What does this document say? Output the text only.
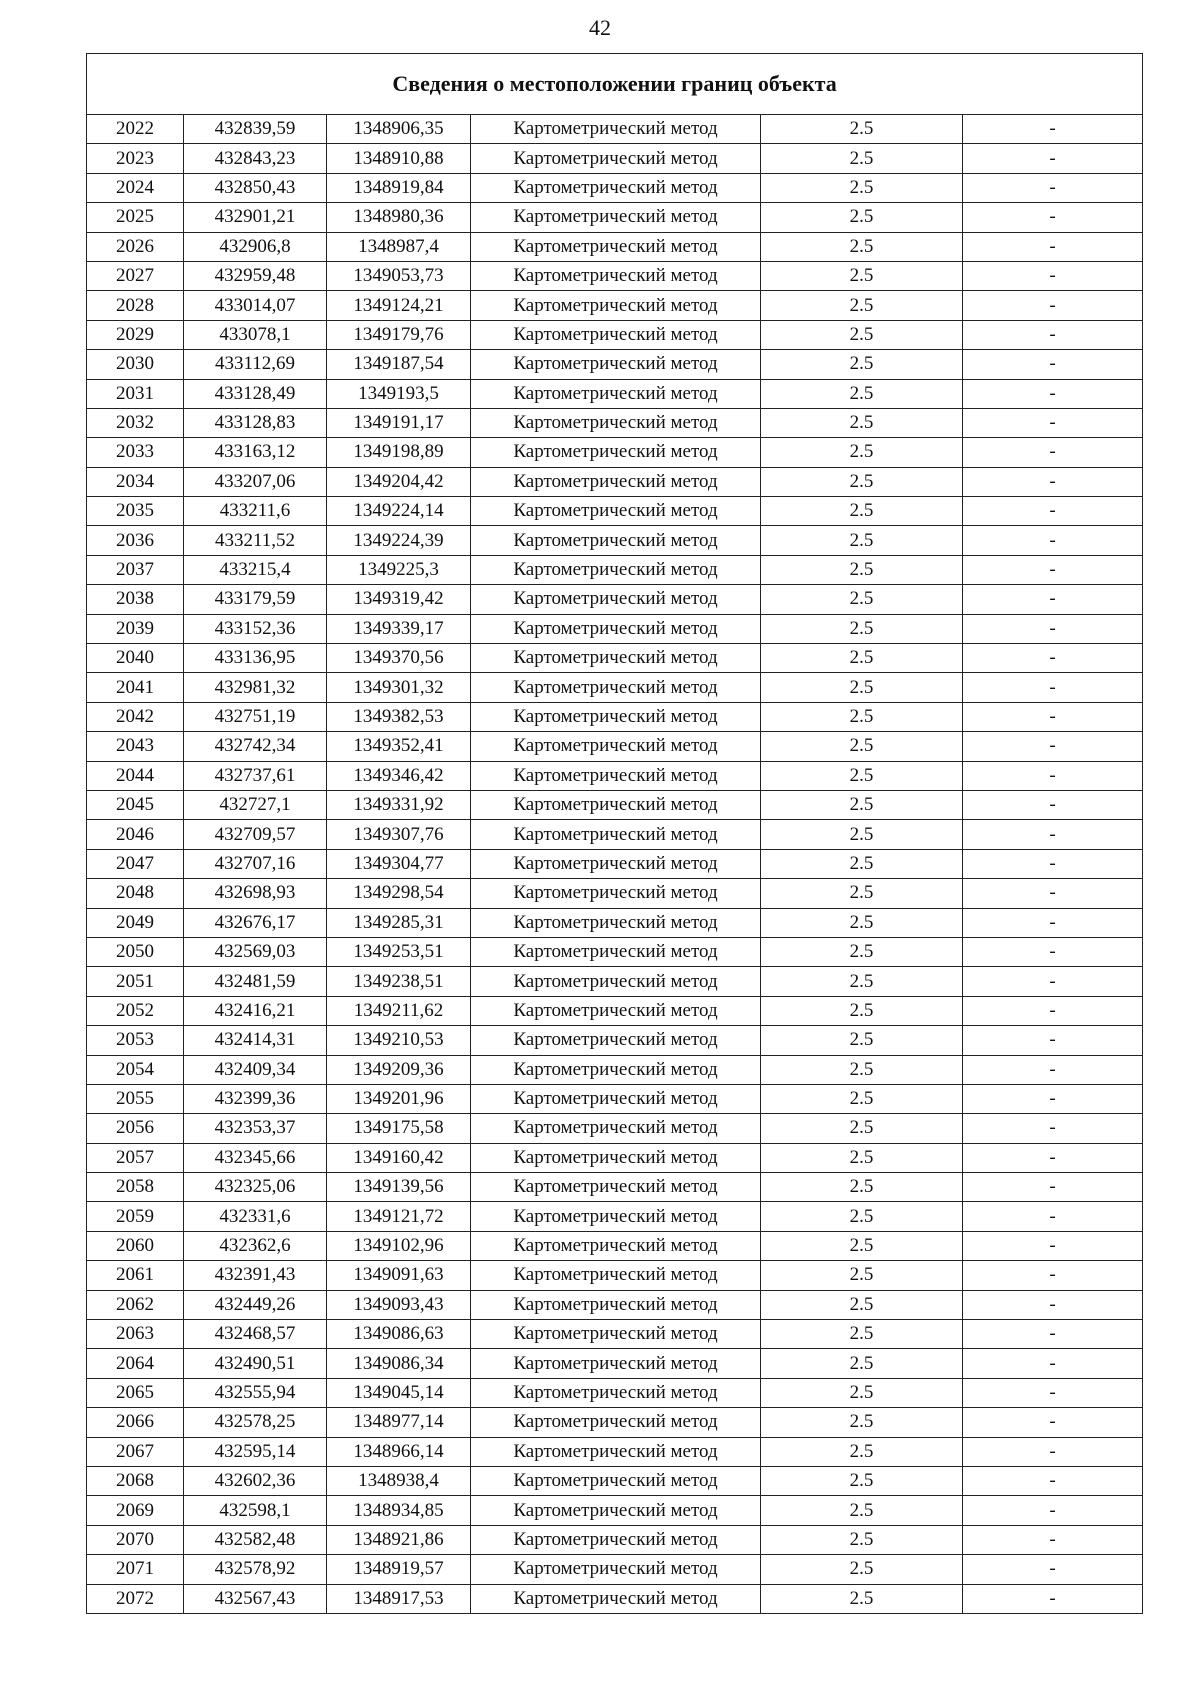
42
Сведения о местоположении границ объекта					
2022	432839,59	1348906,35	Картометрический метод	2.5	-
2023	432843,23	1348910,88	Картометрический метод	2.5	-
2024	432850,43	1348919,84	Картометрический метод	2.5	-
2025	432901,21	1348980,36	Картометрический метод	2.5	-
2026	432906,8	1348987,4	Картометрический метод	2.5	-
2027	432959,48	1349053,73	Картометрический метод	2.5	-
2028	433014,07	1349124,21	Картометрический метод	2.5	-
2029	433078,1	1349179,76	Картометрический метод	2.5	-
2030	433112,69	1349187,54	Картометрический метод	2.5	-
2031	433128,49	1349193,5	Картометрический метод	2.5	-
2032	433128,83	1349191,17	Картометрический метод	2.5	-
2033	433163,12	1349198,89	Картометрический метод	2.5	-
2034	433207,06	1349204,42	Картометрический метод	2.5	-
2035	433211,6	1349224,14	Картометрический метод	2.5	-
2036	433211,52	1349224,39	Картометрический метод	2.5	-
2037	433215,4	1349225,3	Картометрический метод	2.5	-
2038	433179,59	1349319,42	Картометрический метод	2.5	-
2039	433152,36	1349339,17	Картометрический метод	2.5	-
2040	433136,95	1349370,56	Картометрический метод	2.5	-
2041	432981,32	1349301,32	Картометрический метод	2.5	-
2042	432751,19	1349382,53	Картометрический метод	2.5	-
2043	432742,34	1349352,41	Картометрический метод	2.5	-
2044	432737,61	1349346,42	Картометрический метод	2.5	-
2045	432727,1	1349331,92	Картометрический метод	2.5	-
2046	432709,57	1349307,76	Картометрический метод	2.5	-
2047	432707,16	1349304,77	Картометрический метод	2.5	-
2048	432698,93	1349298,54	Картометрический метод	2.5	-
2049	432676,17	1349285,31	Картометрический метод	2.5	-
2050	432569,03	1349253,51	Картометрический метод	2.5	-
2051	432481,59	1349238,51	Картометрический метод	2.5	-
2052	432416,21	1349211,62	Картометрический метод	2.5	-
2053	432414,31	1349210,53	Картометрический метод	2.5	-
2054	432409,34	1349209,36	Картометрический метод	2.5	-
2055	432399,36	1349201,96	Картометрический метод	2.5	-
2056	432353,37	1349175,58	Картометрический метод	2.5	-
2057	432345,66	1349160,42	Картометрический метод	2.5	-
2058	432325,06	1349139,56	Картометрический метод	2.5	-
2059	432331,6	1349121,72	Картометрический метод	2.5	-
2060	432362,6	1349102,96	Картометрический метод	2.5	-
2061	432391,43	1349091,63	Картометрический метод	2.5	-
2062	432449,26	1349093,43	Картометрический метод	2.5	-
2063	432468,57	1349086,63	Картометрический метод	2.5	-
2064	432490,51	1349086,34	Картометрический метод	2.5	-
2065	432555,94	1349045,14	Картометрический метод	2.5	-
2066	432578,25	1348977,14	Картометрический метод	2.5	-
2067	432595,14	1348966,14	Картометрический метод	2.5	-
2068	432602,36	1348938,4	Картометрический метод	2.5	-
2069	432598,1	1348934,85	Картометрический метод	2.5	-
2070	432582,48	1348921,86	Картометрический метод	2.5	-
2071	432578,92	1348919,57	Картометрический метод	2.5	-
2072	432567,43	1348917,53	Картометрический метод	2.5	-
